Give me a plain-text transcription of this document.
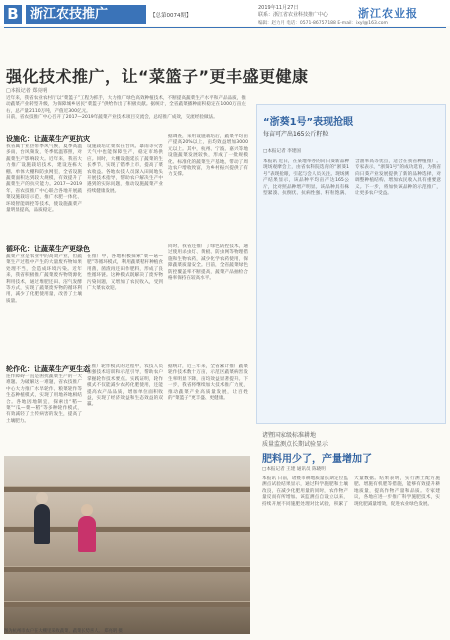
B 浙江农技推广	【总第0074期】
2019年11月27日
联系：浙江省农业科技推广中心	浙江农业报
编辑：赵力月 电话：0571-86757188 E-mail：ixyl@163.com
强化技术推广，让“菜篮子”更丰盛更健康
□本报记者 郑亮明

近年来，我省农业农村厅以“菜篮子”工程为抓手，大力推广绿色高效种植技术，不断提高蔬菜生产水平和产品品质，推动蔬菜产业转型升级，为保障城乡居民“菜篮子”供给作出了积极贡献。据统计，全省蔬菜播种面积稳定在1000万亩左右，总产量2110万吨，产值近300亿元。

日前，省农技推广中心召开了2017—2019年蔬菜产业技术项目交流会，总结推广成效，交流经验做法。

设施化：让蔬菜生产更抗灾
我省属于亚热带季风气候，夏季高温多雨，台风频发，冬季低温寡照，对蔬菜生产影响较大。近年来，我省大力推广设施栽培技术，建设连栋大棚、单体大棚和防虫网室，全省设施蔬菜面积达到较大规模，有效提升了蔬菜生产的抗灾能力。2017—2019年，省农技推广中心联合各地开展蔬菜设施栽培示范，推广水肥一体化、环境智能调控等技术，使设施蔬菜产量明显提高，品质稳定。
设施栽培让菜农在台风、暴雨等灾害天气中也能保障生产，稳定市场供应。同时，大棚设施延长了蔬菜的生长季节，实现了错季上市，提高了菜农收益。各地农技人员深入田间地头开展技术指导，帮助农户解决生产中遇到的实际问题，推动设施蔬菜产业持续健康发展。
据调查，采用设施栽培后，蔬菜平均亩产提高20%以上，亩均效益增加3000元以上。其中，杭州、宁波、嘉兴等地设施蔬菜发展较快，形成了一批规模化、标准化的蔬菜生产基地，带动了周边农户增收致富，为乡村振兴提供了有力支撑。
循环化：让蔬菜生产更绿色
蔬菜产业是农业中的高效产业，但蔬菜生产过程中产生的大量废弃物如果处理不当，会造成环境污染。近年来，我省积极推广蔬菜废弃物资源化利用技术，通过堆肥还田、沼气发酵等方式，实现了蔬菜废弃物的循环利用，减少了化肥使用量，改善了土壤质量。
在推广中，各地积极探索“菜—菇—肥”等循环模式，利用蔬菜秸秆种植食用菌，菌渣再还田作肥料，形成了良性循环链。这种模式既解决了废弃物污染问题，又增加了农民收入，受到广大菜农欢迎。
同时，我省还推广了绿色防控技术，通过使用杀虫灯、黄板、防虫网等物理措施和生物农药，减少化学农药使用，保障蔬菜质量安全。目前，全省蔬菜绿色防控覆盖率不断提高，蔬菜产品抽检合格率保持在较高水平。
轮作化：让蔬菜生产更生态
连作障碍一直是困扰蔬菜生产的一大难题。为破解这一难题，省农技推广中心大力推广水旱轮作、粮菜轮作等生态种植模式，实现了用地养地相结合。各地因地制宜，探索出“稻—菜”“瓜—菜—稻”等多种轮作模式，有效减轻了土传病害的发生，提高了土壤肥力。
在推广轮作模式的过程中，农技人员加强技术培训和示范引导，帮助农户掌握轮作技术要点。实践证明，轮作模式不仅能减少农药化肥使用，还能提高农产品品质，增加单位面积收益，实现了经济效益和生态效益的双赢。
据统计，近三年来，全省累计推广蔬菜轮作技术数十万亩，示范区蔬菜病害发生率明显下降，亩均效益显著提升。下一步，我省将继续加大技术推广力度，推动蔬菜产业高质量发展，让百姓的“菜篮子”更丰盛、更健康。
图为杭州市农户在大棚里采收蔬菜，蔬菜长势喜人。 郑亮明 摄
“浙葵1号”表现抢眼
每亩可产出165公斤籽粒
□本报记者 李建国
本报讯 近日，在某地举办的向日葵新品种现场观摩会上，由省农科院选育的“浙葵1号”表现抢眼，引起与会人员关注。现场测产结果显示，该品种平均亩产达165公斤，比对照品种增产明显。该品种具有株型紧凑、抗倒伏、抗病性强、籽粒饱满、含油率高等优点，适合在我省种植推广。专家表示，“浙葵1号”的成功选育，为我省向日葵产业发展提供了新的品种选择，对调整种植结构、增加农民收入具有重要意义。下一步，将加快该品种的示范推广，让更多农户受益。
诸暨国家级标准耕地
质量监测点长期试验显示
肥料用少了，产量增加了
□本报记者 王建 通讯员 陈晓明
本报讯 日前，诸暨市耕地质量长期定位监测点试验结果显示，通过科学施肥和土壤改良，在减少化肥用量的同时，农作物产量反而有所增加。该监测点自设立以来，持续开展不同施肥处理对比试验，积累了大量数据。结果表明，实行测土配方施肥、增施有机肥等措施，能够有效提升耕地质量，提高作物产量和品质。专家建议，各地应进一步推广科学施肥技术，实现化肥减量增效，促进农业绿色发展。
